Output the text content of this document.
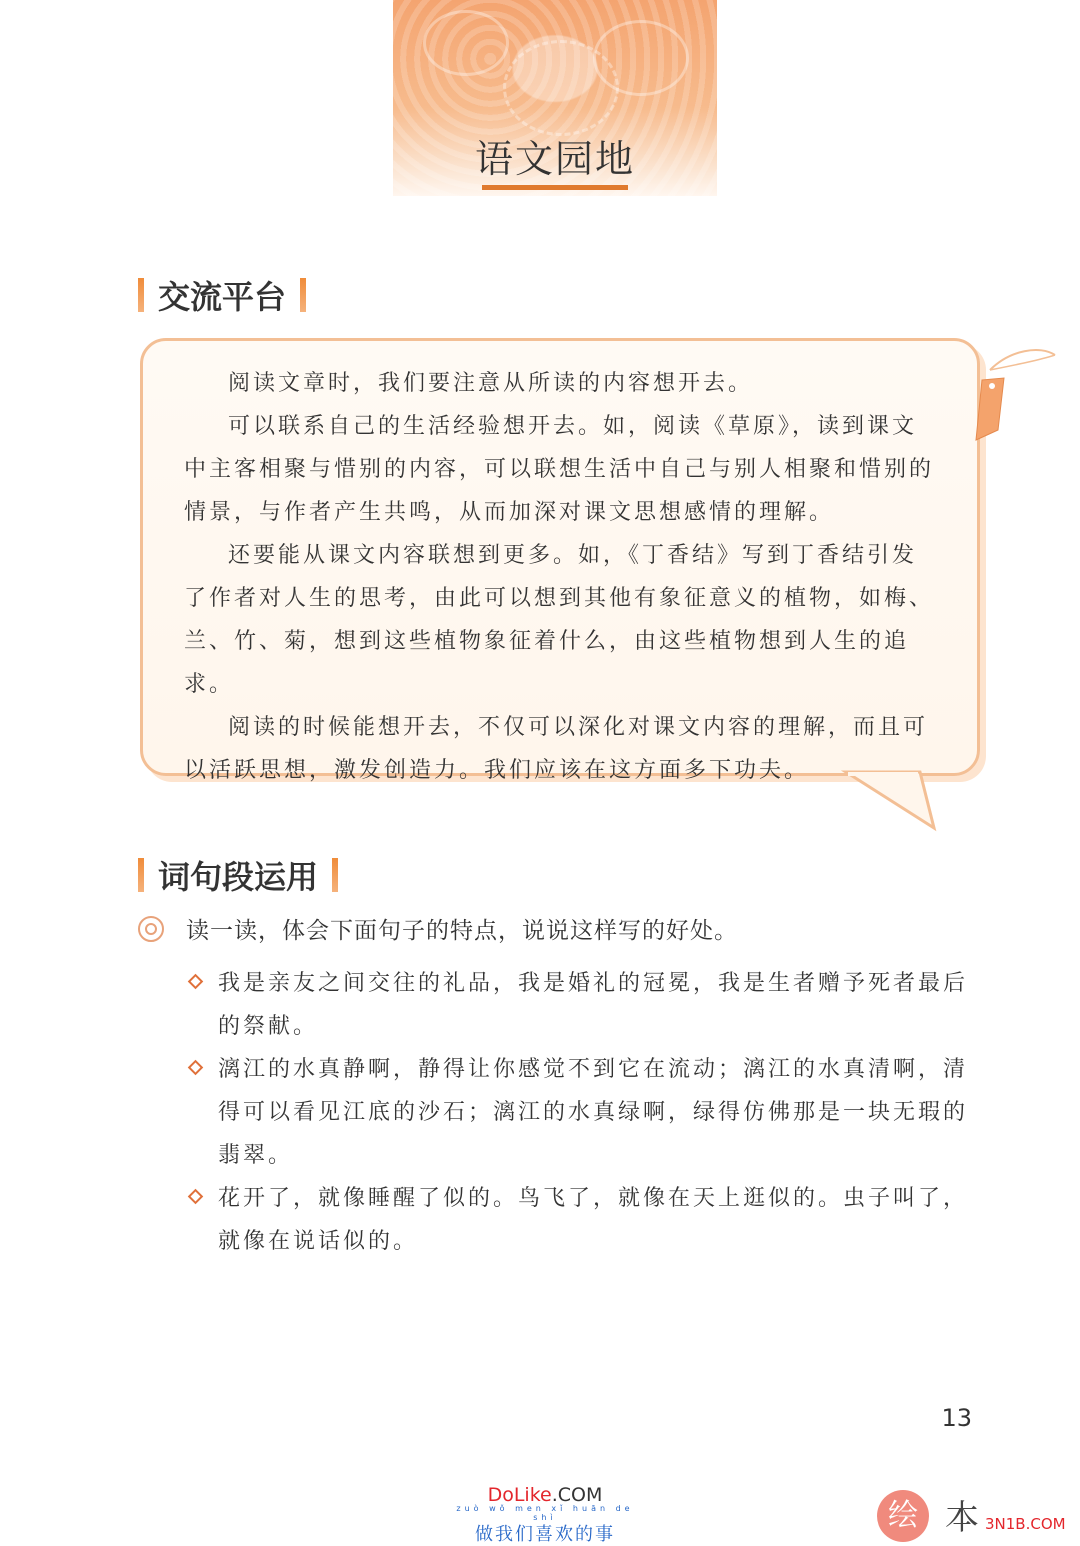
语文园地
交流平台

阅读文章时，我们要注意从所读的内容想开去。

可以联系自己的生活经验想开去。如，阅读《草原》，读到课文中主客相聚与惜别的内容，可以联想生活中自己与别人相聚和惜别的情景，与作者产生共鸣，从而加深对课文思想感情的理解。

还要能从课文内容联想到更多。如，《丁香结》写到丁香结引发了作者对人生的思考，由此可以想到其他有象征意义的植物，如梅、兰、竹、菊，想到这些植物象征着什么，由这些植物想到人生的追求。

阅读的时候能想开去，不仅可以深化对课文内容的理解，而且可以活跃思想，激发创造力。我们应该在这方面多下功夫。

词句段运用
读一读，体会下面句子的特点，说说这样写的好处。
我是亲友之间交往的礼品，我是婚礼的冠冕，我是生者赠予死者最后的祭献。
漓江的水真静啊，静得让你感觉不到它在流动；漓江的水真清啊，清得可以看见江底的沙石；漓江的水真绿啊，绿得仿佛那是一块无瑕的翡翠。
花开了，就像睡醒了似的。鸟飞了，就像在天上逛似的。虫子叫了，就像在说话似的。
13
DoLike.COM
zuò wǒ men xǐ huān de shì
做我们喜欢的事
绘 本 3N1B.COM
